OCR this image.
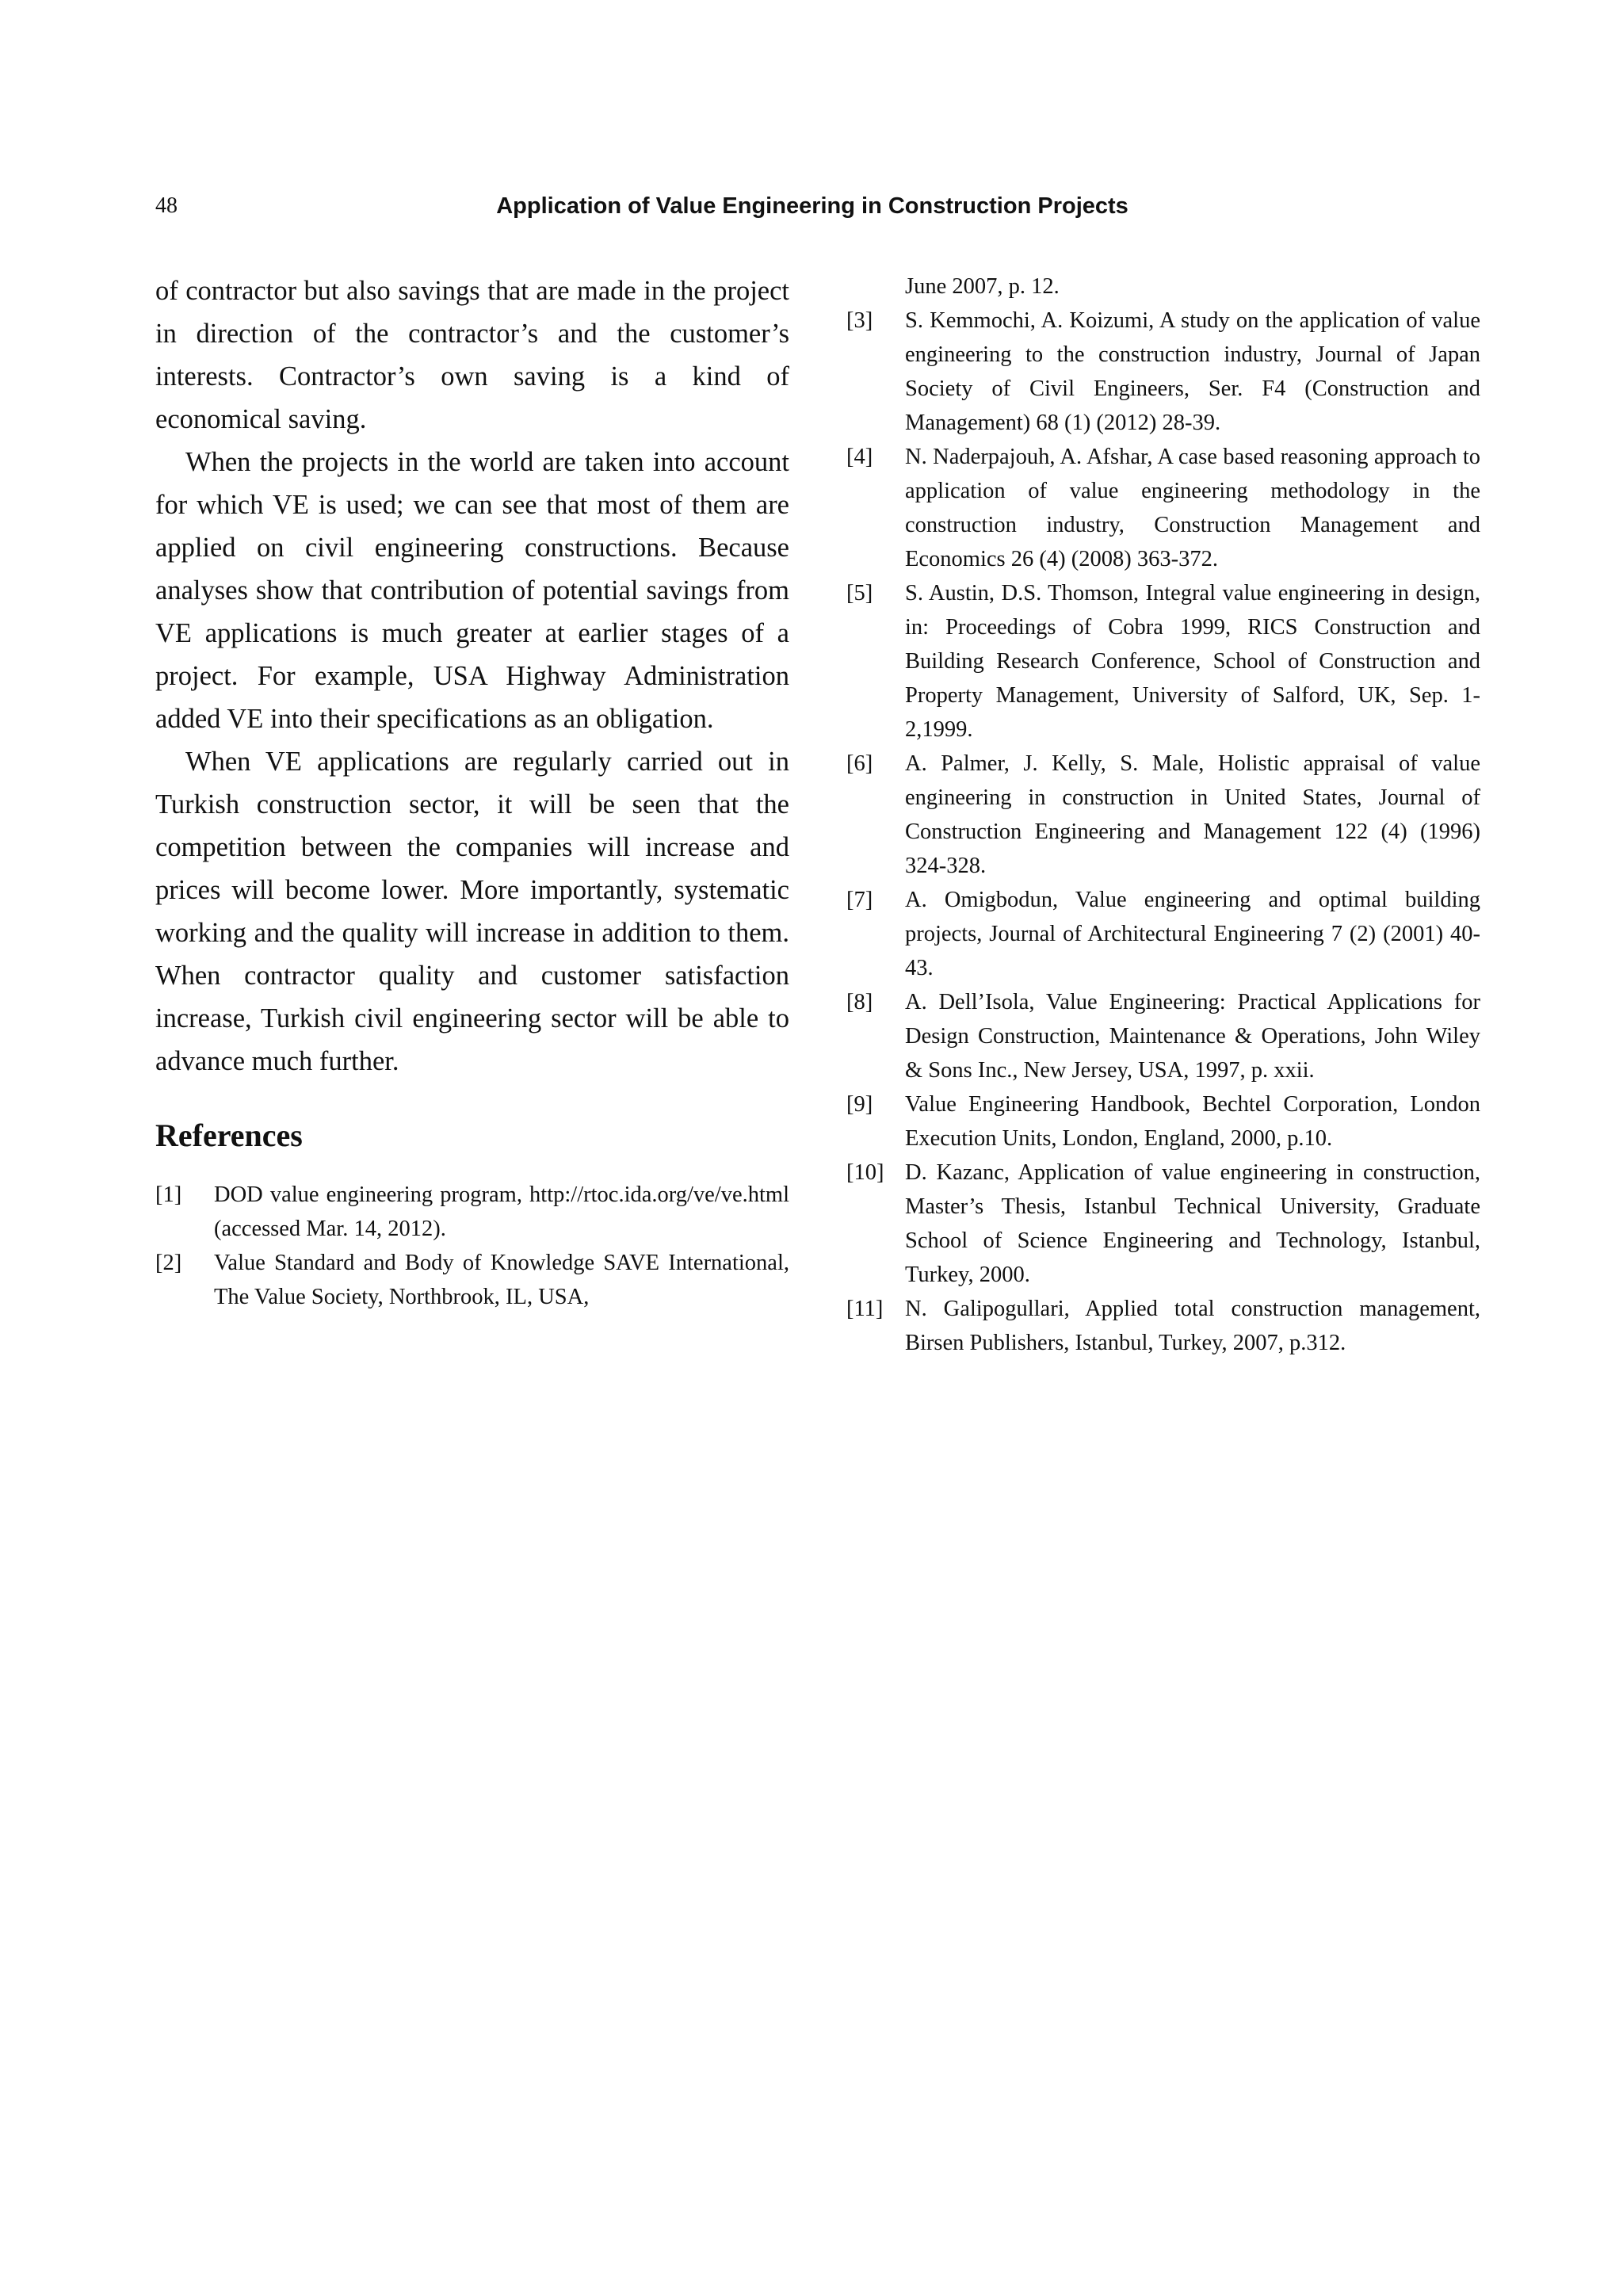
48	Application of Value Engineering in Construction Projects

of contractor but also savings that are made in the project in direction of the contractor’s and the customer’s interests. Contractor’s own saving is a kind of economical saving.

When the projects in the world are taken into account for which VE is used; we can see that most of them are applied on civil engineering constructions. Because analyses show that contribution of potential savings from VE applications is much greater at earlier stages of a project. For example, USA Highway Administration added VE into their specifications as an obligation.

When VE applications are regularly carried out in Turkish construction sector, it will be seen that the competition between the companies will increase and prices will become lower. More importantly, systematic working and the quality will increase in addition to them. When contractor quality and customer satisfaction increase, Turkish civil engineering sector will be able to advance much further.

References
[1]	DOD value engineering program, http://rtoc.ida.org/ve/ve.html (accessed Mar. 14, 2012).
[2]	Value Standard and Body of Knowledge SAVE International, The Value Society, Northbrook, IL, USA,
June 2007, p. 12.
[3]	S. Kemmochi, A. Koizumi, A study on the application of value engineering to the construction industry, Journal of Japan Society of Civil Engineers, Ser. F4 (Construction and Management) 68 (1) (2012) 28-39.
[4]	N. Naderpajouh, A. Afshar, A case based reasoning approach to application of value engineering methodology in the construction industry, Construction Management and Economics 26 (4) (2008) 363-372.
[5]	S. Austin, D.S. Thomson, Integral value engineering in design, in: Proceedings of Cobra 1999, RICS Construction and Building Research Conference, School of Construction and Property Management, University of Salford, UK, Sep. 1-2,1999.
[6]	A. Palmer, J. Kelly, S. Male, Holistic appraisal of value engineering in construction in United States, Journal of Construction Engineering and Management 122 (4) (1996) 324-328.
[7]	A. Omigbodun, Value engineering and optimal building projects, Journal of Architectural Engineering 7 (2) (2001) 40-43.
[8]	A. Dell’Isola, Value Engineering: Practical Applications for Design Construction, Maintenance & Operations, John Wiley & Sons Inc., New Jersey, USA, 1997, p. xxii.
[9]	Value Engineering Handbook, Bechtel Corporation, London Execution Units, London, England, 2000, p.10.
[10] D. Kazanc, Application of value engineering in construction, Master’s Thesis, Istanbul Technical University, Graduate School of Science Engineering and Technology, Istanbul, Turkey, 2000.
[11] N. Galipogullari, Applied total construction management, Birsen Publishers, Istanbul, Turkey, 2007, p.312.
